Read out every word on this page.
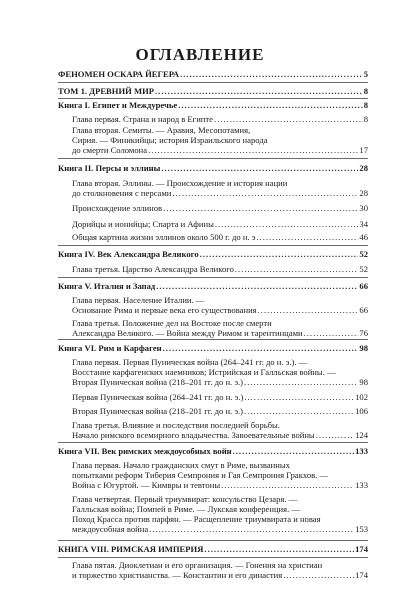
ОГЛАВЛЕНИЕ
ФЕНОМЕН ОСКАРА ЙЕГЕРА .....	5
ТОМ 1. ДРЕВНИЙ МИР .....	8
Книга I. Египет и Междуречье .....	8
Глава первая. Страна и народ в Египте .....	8
Глава вторая. Семиты. — Аравия, Месопотамия,
Сирия. — Финикийцы; история Израильского народа
до смерти Соломона .....	17
Книга II. Персы и эллины .....	28
Глава вторая. Эллины. — Происхождение и история нации
до столкновения с персами .....	28
Происхождение эллинов .....	30
Дорийцы и ионийцы; Спарта и Афины .....	34
Общая картина жизни эллинов около 500 г. до н. э .....	46
Книга IV. Век Александра Великого .....	52
Глава третья. Царство Александра Великого .....	52
Книга V. Италия и Запад .....	66
Глава первая. Население Италии. —
Основание Рима и первые века его существования .....	66
Глава третья. Положение дел на Востоке после смерти
Александра Великого. — Война между Римом и тарентинцами .....	76
Книга VI. Рим и Карфаген .....	98
Глава первая. Первая Пуническая война (264–241 гг. до н. э.). —
Восстание карфагенских наемников; Истрийская и Галльская войны. —
Вторая Пуническая война (218–201 гг. до н. э.) .....	98
Первая Пуническая война (264–241 гг. до н. э.) .....	102
Вторая Пуническая война (218–201 гг. до н. э.) .....	106
Глава третья. Влияние и последствия последней борьбы.
Начало римского всемирного владычества. Завоевательные войны .....	124
Книга VII. Век римских междоусобных войн .....	133
Глава первая. Начало гражданских смут в Риме, вызванных
попытками реформ Тиберия Семпрония и Гая Семпрония Гракхов. —
Война с Югуртой. — Кимвры и тевтоны .....	133
Глава четвертая. Первый триумвират: консульство Цезаря. —
Галльская война; Помпей в Риме. — Лукская конференция. —
Поход Красса против парфян. — Расщепление триумвирата и новая
междоусобная война .....	153
КНИГА VIII. РИМСКАЯ ИМПЕРИЯ .....	174
Глава пятая. Диоклетиан и его организация. — Гонения на христиан
и торжество христианства. — Константин и его династия .....	174
